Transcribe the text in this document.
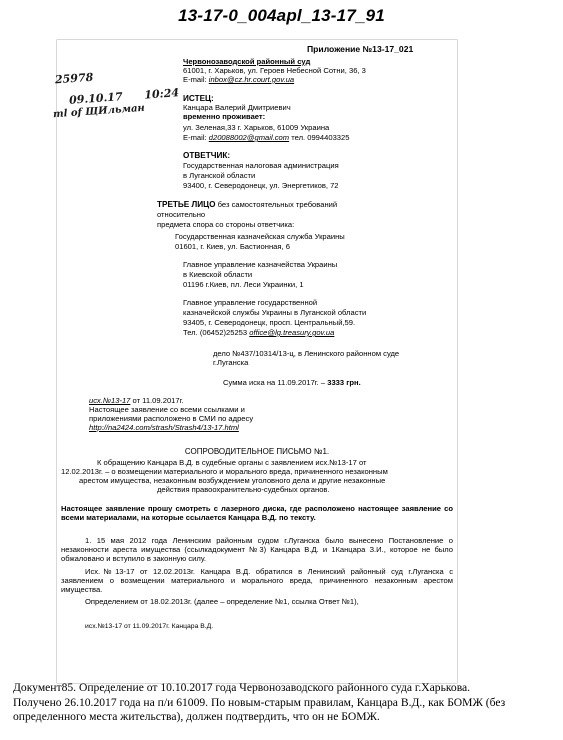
13-17-0_004apl_13-17_91
Приложение №13-17_021
Червонозаводской районный суд
61001, г. Харьков, ул. Героев Небесной Сотни, 36, 3
E-mail: inbox@cz.hr.court.gov.ua
25978
09.10.17 10:24
ml of ЩИльман
ИСТЕЦ:
Канцара Валерий Дмитриевич
временно проживает:
ул. Зеленая,33 г. Харьков, 61009 Украина
E-mail: d20088002@gmail.com тел. 0994403325
ОТВЕТЧИК:
Государственная налоговая администрация
в Луганской области
93400, г. Северодонецк, ул. Энергетиков, 72
ТРЕТЬЕ ЛИЦО без самостоятельных требований
относительно
предмета спора со стороны ответчика:
Государственная казначейская служба Украины
01601, г. Киев, ул. Бастионная, 6
Главное управление казначейства Украины
в Киевской области
01196 г.Киев, пл. Леси Украинки, 1
Главное управление государственной
казначейской службы Украины в Луганской области
93405, г. Северодонецк, просп. Центральный,59.
Тел. (06452)25253 office@lg.treasury.gov.ua
дело №437/10314/13-ц, в Ленинского районном суде
г.Луганска
Сумма иска на 11.09.2017г. – 3333 грн.
исх.№13-17 от 11.09.2017г.
Настоящее заявление со всеми ссылками и
приложениями расположено в СМИ по адресу
http://na2424.com/strash/Strash4/13-17.html
СОПРОВОДИТЕЛЬНОЕ ПИСЬМО №1.
К обращению Канцара В.Д. в судебные органы с заявлением исх.№13-17 от
12.02.2013г. – о возмещении материального и морального вреда, причиненного незаконным
арестом имущества, незаконным возбуждением уголовного дела и другие незаконные
действия правоохранительно-судебных органов.
Настоящее заявление прошу смотреть с лазерного диска, где расположено настоящее заявление со всеми материалами, на которые ссылается Канцара В.Д. по тексту.
1. 15 мая 2012 года Ленинским районным судом г.Луганска было вынесено Постановление о незаконности ареста имущества (ссылкадокумент №3) Канцара В.Д. и 1Канцара З.И., которое не было обжаловано и вступило в законную силу.
Исх.№13-17 от 12.02.2013г. Канцара В.Д. обратился в Ленинский районный суд г.Луганска с заявлением о возмещении материального и морального вреда, причиненного незаконным арестом имущества.
Определением от 18.02.2013г. (далее – определение №1, ссылка Ответ №1),
исх.№13-17 от 11.09.2017г. Канцара В.Д.
Документ85. Определение от 10.10.2017 года Червонозаводского районного суда г.Харькова.
Получено 26.10.2017 года на п/и 61009. По новым-старым правилам, Канцара В.Д., как БОМЖ (без
определенного места жительства), должен подтвердить, что он не БОМЖ.
